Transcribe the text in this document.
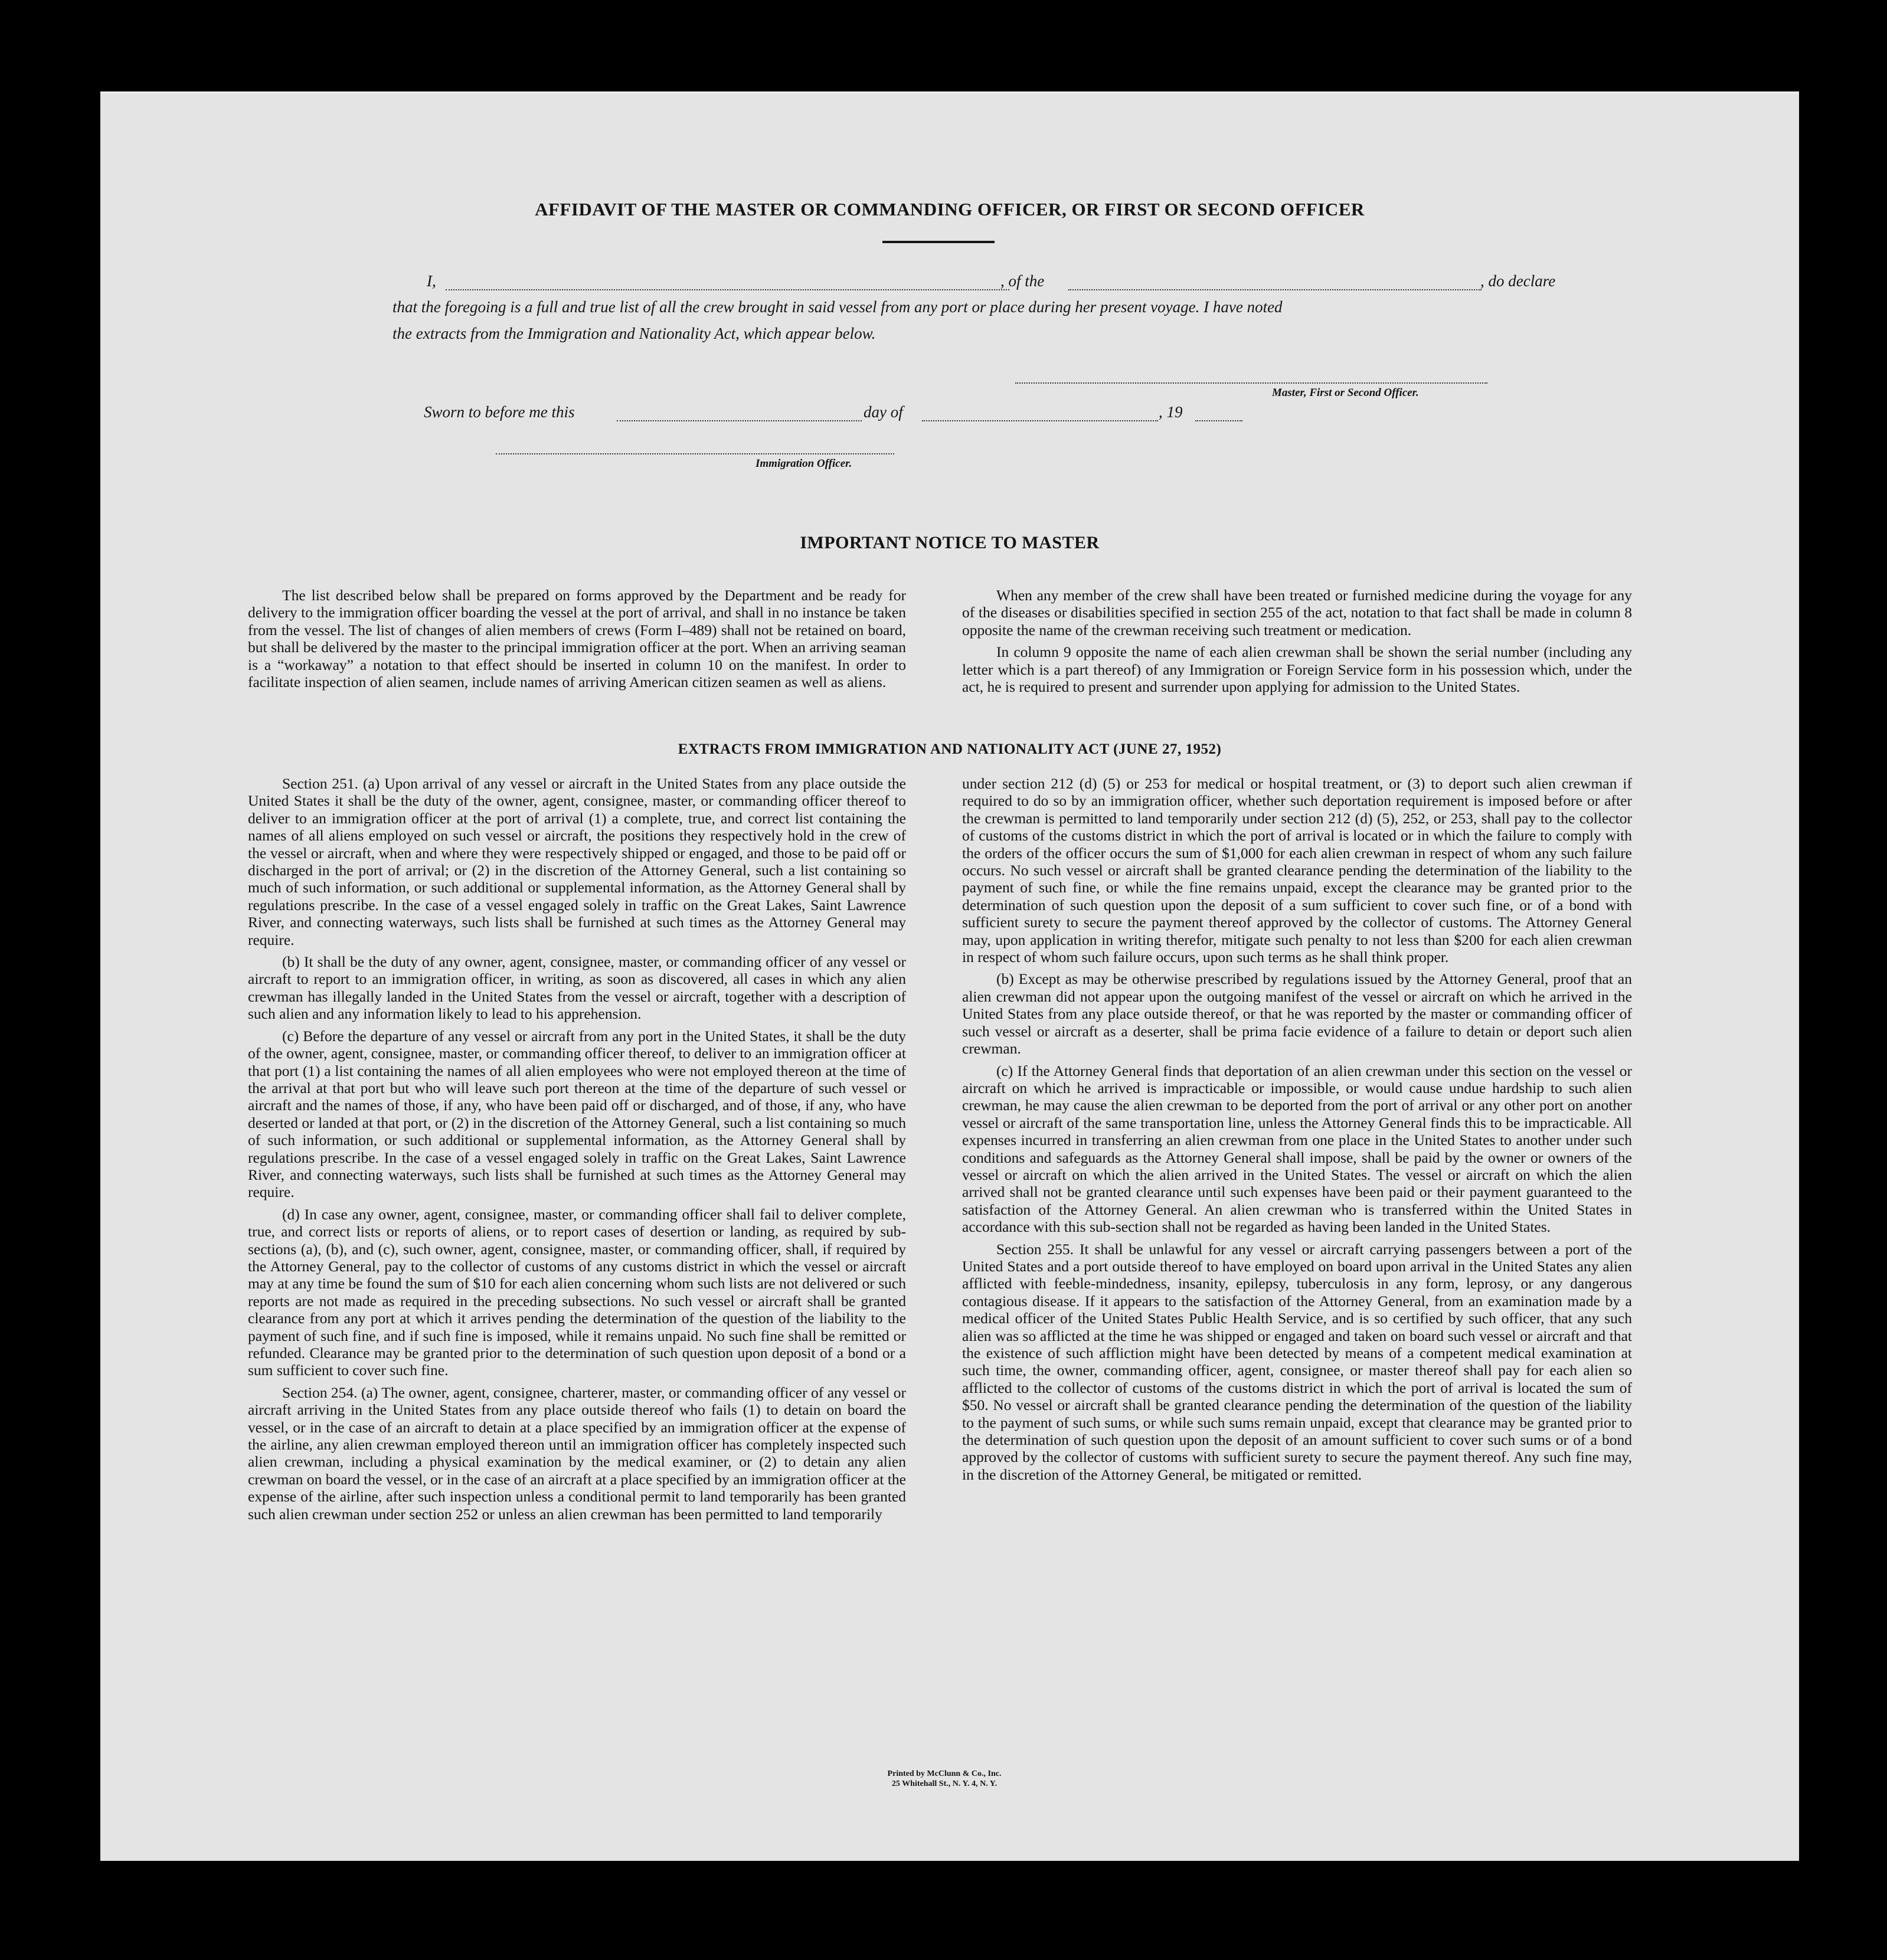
AFFIDAVIT OF THE MASTER OR COMMANDING OFFICER, OR FIRST OR SECOND OFFICER
I,	, of the	, do declare
that the foregoing is a full and true list of all the crew brought in said vessel from any port or place during her present voyage. I have noted
the extracts from the Immigration and Nationality Act, which appear below.
Master, First or Second Officer.
Sworn to before me this	day of	, 19
Immigration Officer.
IMPORTANT NOTICE TO MASTER

The list described below shall be prepared on forms approved by the Department and be ready for delivery to the immigration officer boarding the vessel at the port of arrival, and shall in no instance be taken from the vessel. The list of changes of alien members of crews (Form I–489) shall not be retained on board, but shall be delivered by the master to the principal immigration officer at the port. When an arriving seaman is a “workaway” a notation to that effect should be inserted in column 10 on the manifest. In order to facilitate inspection of alien seamen, include names of arriving American citizen seamen as well as aliens.

When any member of the crew shall have been treated or furnished medicine during the voyage for any of the diseases or disabilities specified in section 255 of the act, notation to that fact shall be made in column 8 opposite the name of the crewman receiving such treatment or medication.

In column 9 opposite the name of each alien crewman shall be shown the serial number (including any letter which is a part thereof) of any Immigration or Foreign Service form in his possession which, under the act, he is required to present and surrender upon applying for admission to the United States.

EXTRACTS FROM IMMIGRATION AND NATIONALITY ACT (JUNE 27, 1952)

Section 251. (a) Upon arrival of any vessel or aircraft in the United States from any place outside the United States it shall be the duty of the owner, agent, consignee, master, or commanding officer thereof to deliver to an immigration officer at the port of arrival (1) a complete, true, and correct list containing the names of all aliens employed on such vessel or aircraft, the positions they respectively hold in the crew of the vessel or aircraft, when and where they were respectively shipped or engaged, and those to be paid off or discharged in the port of arrival; or (2) in the discretion of the Attorney General, such a list containing so much of such information, or such additional or supplemental information, as the Attorney General shall by regulations prescribe. In the case of a vessel engaged solely in traffic on the Great Lakes, Saint Lawrence River, and connecting waterways, such lists shall be furnished at such times as the Attorney General may require.

(b) It shall be the duty of any owner, agent, consignee, master, or commanding officer of any vessel or aircraft to report to an immigration officer, in writing, as soon as discovered, all cases in which any alien crewman has illegally landed in the United States from the vessel or aircraft, together with a description of such alien and any information likely to lead to his apprehension.

(c) Before the departure of any vessel or aircraft from any port in the United States, it shall be the duty of the owner, agent, consignee, master, or commanding officer thereof, to deliver to an immigration officer at that port (1) a list containing the names of all alien employees who were not employed thereon at the time of the arrival at that port but who will leave such port thereon at the time of the departure of such vessel or aircraft and the names of those, if any, who have been paid off or discharged, and of those, if any, who have deserted or landed at that port, or (2) in the discretion of the Attorney General, such a list containing so much of such information, or such additional or supplemental information, as the Attorney General shall by regulations prescribe. In the case of a vessel engaged solely in traffic on the Great Lakes, Saint Lawrence River, and connecting waterways, such lists shall be furnished at such times as the Attorney General may require.

(d) In case any owner, agent, consignee, master, or commanding officer shall fail to deliver complete, true, and correct lists or reports of aliens, or to report cases of desertion or landing, as required by sub-sections (a), (b), and (c), such owner, agent, consignee, master, or commanding officer, shall, if required by the Attorney General, pay to the collector of customs of any customs district in which the vessel or aircraft may at any time be found the sum of $10 for each alien concerning whom such lists are not delivered or such reports are not made as required in the preceding subsections. No such vessel or aircraft shall be granted clearance from any port at which it arrives pending the determination of the question of the liability to the payment of such fine, and if such fine is imposed, while it remains unpaid. No such fine shall be remitted or refunded. Clearance may be granted prior to the determination of such question upon deposit of a bond or a sum sufficient to cover such fine.

Section 254. (a) The owner, agent, consignee, charterer, master, or commanding officer of any vessel or aircraft arriving in the United States from any place outside thereof who fails (1) to detain on board the vessel, or in the case of an aircraft to detain at a place specified by an immigration officer at the expense of the airline, any alien crewman employed thereon until an immigration officer has completely inspected such alien crewman, including a physical examination by the medical examiner, or (2) to detain any alien crewman on board the vessel, or in the case of an aircraft at a place specified by an immigration officer at the expense of the airline, after such inspection unless a conditional permit to land temporarily has been granted such alien crewman under section 252 or unless an alien crewman has been permitted to land temporarily

under section 212 (d) (5) or 253 for medical or hospital treatment, or (3) to deport such alien crewman if required to do so by an immigration officer, whether such deportation requirement is imposed before or after the crewman is permitted to land temporarily under section 212 (d) (5), 252, or 253, shall pay to the collector of customs of the customs district in which the port of arrival is located or in which the failure to comply with the orders of the officer occurs the sum of $1,000 for each alien crewman in respect of whom any such failure occurs. No such vessel or aircraft shall be granted clearance pending the determination of the liability to the payment of such fine, or while the fine remains unpaid, except the clearance may be granted prior to the determination of such question upon the deposit of a sum sufficient to cover such fine, or of a bond with sufficient surety to secure the payment thereof approved by the collector of customs. The Attorney General may, upon application in writing therefor, mitigate such penalty to not less than $200 for each alien crewman in respect of whom such failure occurs, upon such terms as he shall think proper.

(b) Except as may be otherwise prescribed by regulations issued by the Attorney General, proof that an alien crewman did not appear upon the outgoing manifest of the vessel or aircraft on which he arrived in the United States from any place outside thereof, or that he was reported by the master or commanding officer of such vessel or aircraft as a deserter, shall be prima facie evidence of a failure to detain or deport such alien crewman.

(c) If the Attorney General finds that deportation of an alien crewman under this section on the vessel or aircraft on which he arrived is impracticable or impossible, or would cause undue hardship to such alien crewman, he may cause the alien crewman to be deported from the port of arrival or any other port on another vessel or aircraft of the same transportation line, unless the Attorney General finds this to be impracticable. All expenses incurred in transferring an alien crewman from one place in the United States to another under such conditions and safeguards as the Attorney General shall impose, shall be paid by the owner or owners of the vessel or aircraft on which the alien arrived in the United States. The vessel or aircraft on which the alien arrived shall not be granted clearance until such expenses have been paid or their payment guaranteed to the satisfaction of the Attorney General. An alien crewman who is transferred within the United States in accordance with this sub-section shall not be regarded as having been landed in the United States.

Section 255. It shall be unlawful for any vessel or aircraft carrying passengers between a port of the United States and a port outside thereof to have employed on board upon arrival in the United States any alien afflicted with feeble-mindedness, insanity, epilepsy, tuberculosis in any form, leprosy, or any dangerous contagious disease. If it appears to the satisfaction of the Attorney General, from an examination made by a medical officer of the United States Public Health Service, and is so certified by such officer, that any such alien was so afflicted at the time he was shipped or engaged and taken on board such vessel or aircraft and that the existence of such affliction might have been detected by means of a competent medical examination at such time, the owner, commanding officer, agent, consignee, or master thereof shall pay for each alien so afflicted to the collector of customs of the customs district in which the port of arrival is located the sum of $50. No vessel or aircraft shall be granted clearance pending the determination of the question of the liability to the payment of such sums, or while such sums remain unpaid, except that clearance may be granted prior to the determination of such question upon the deposit of an amount sufficient to cover such sums or of a bond approved by the collector of customs with sufficient surety to secure the payment thereof. Any such fine may, in the discretion of the Attorney General, be mitigated or remitted.

Printed by McClunn & Co., Inc.
25 Whitehall St., N. Y. 4, N. Y.
